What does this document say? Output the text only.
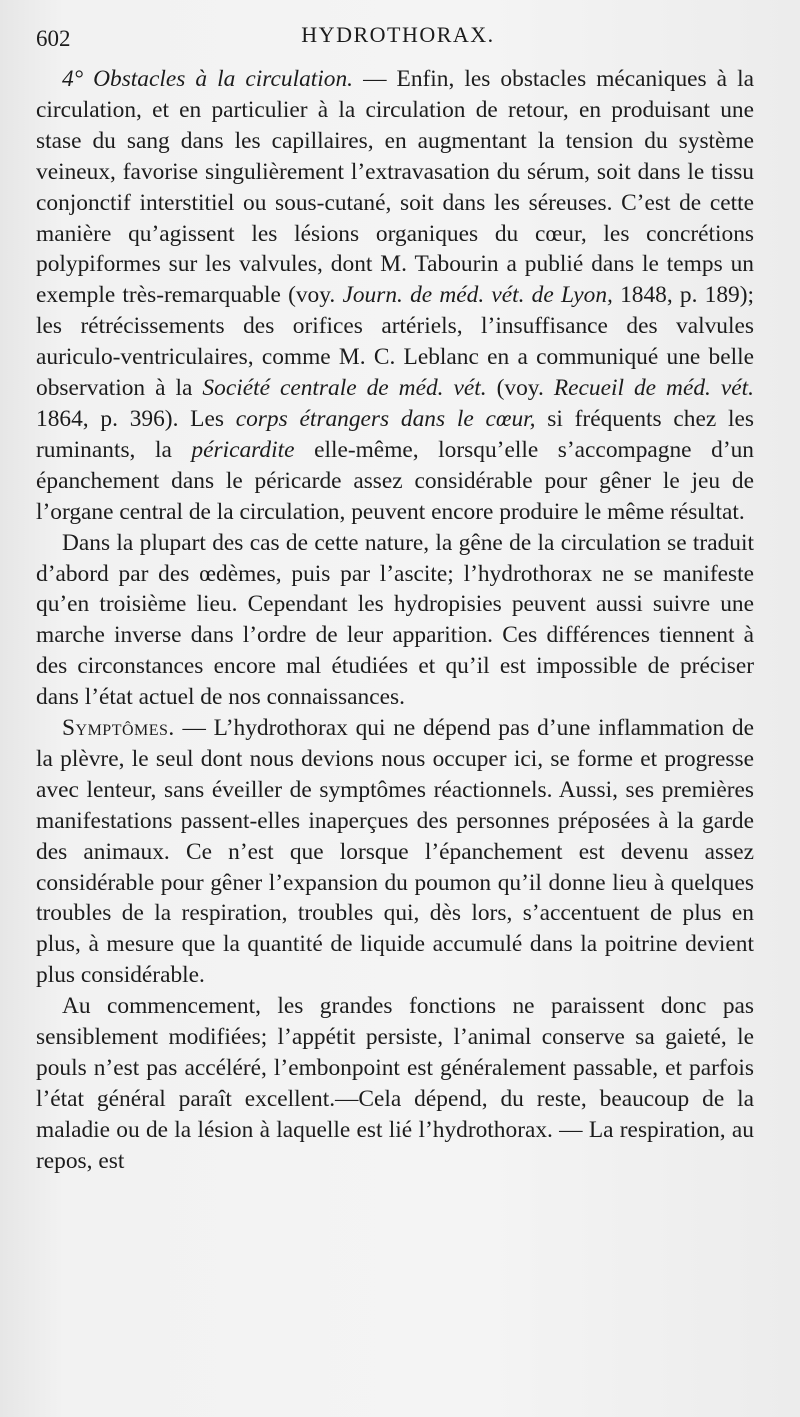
602	HYDROTHORAX.

4° Obstacles à la circulation. — Enfin, les obstacles mécaniques à la circulation, et en particulier à la circulation de retour, en produisant une stase du sang dans les capillaires, en augmentant la tension du système veineux, favorise singulièrement l’extravasation du sérum, soit dans le tissu conjonctif interstitiel ou sous-cutané, soit dans les séreuses. C’est de cette manière qu’agissent les lésions organiques du cœur, les concrétions polypiformes sur les valvules, dont M. Tabourin a publié dans le temps un exemple très-remarquable (voy. Journ. de méd. vét. de Lyon, 1848, p. 189); les rétrécissements des orifices artériels, l’insuffisance des valvules auriculo-ventriculaires, comme M. C. Leblanc en a communiqué une belle observation à la Société centrale de méd. vét. (voy. Recueil de méd. vét. 1864, p. 396). Les corps étrangers dans le cœur, si fréquents chez les ruminants, la péricardite elle-même, lorsqu’elle s’accompagne d’un épanchement dans le péricarde assez considérable pour gêner le jeu de l’organe central de la circulation, peuvent encore produire le même résultat.

Dans la plupart des cas de cette nature, la gêne de la circulation se traduit d’abord par des œdèmes, puis par l’ascite; l’hydrothorax ne se manifeste qu’en troisième lieu. Cependant les hydropisies peuvent aussi suivre une marche inverse dans l’ordre de leur apparition. Ces différences tiennent à des circonstances encore mal étudiées et qu’il est impossible de préciser dans l’état actuel de nos connaissances.

Symptômes. — L’hydrothorax qui ne dépend pas d’une inflammation de la plèvre, le seul dont nous devions nous occuper ici, se forme et progresse avec lenteur, sans éveiller de symptômes réactionnels. Aussi, ses premières manifestations passent-elles inaperçues des personnes préposées à la garde des animaux. Ce n’est que lorsque l’épanchement est devenu assez considérable pour gêner l’expansion du poumon qu’il donne lieu à quelques troubles de la respiration, troubles qui, dès lors, s’accentuent de plus en plus, à mesure que la quantité de liquide accumulé dans la poitrine devient plus considérable.

Au commencement, les grandes fonctions ne paraissent donc pas sensiblement modifiées; l’appétit persiste, l’animal conserve sa gaieté, le pouls n’est pas accéléré, l’embonpoint est généralement passable, et parfois l’état général paraît excellent.—Cela dépend, du reste, beaucoup de la maladie ou de la lésion à laquelle est lié l’hydrothorax. — La respiration, au repos, est
